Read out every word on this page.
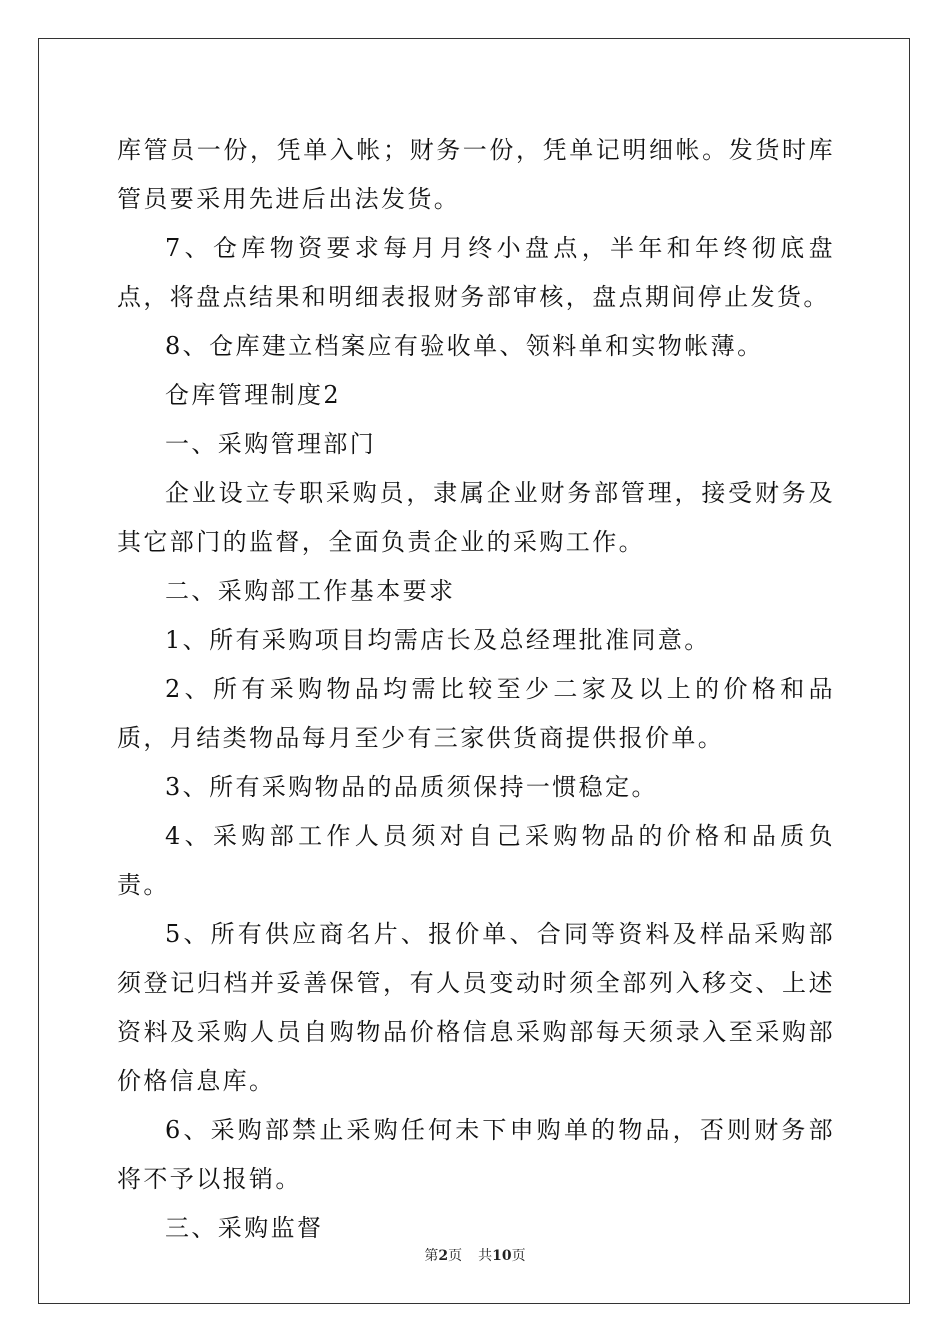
库管员一份，凭单入帐；财务一份，凭单记明细帐。发货时库管员要采用先进后出法发货。

7、仓库物资要求每月月终小盘点，半年和年终彻底盘点，将盘点结果和明细表报财务部审核，盘点期间停止发货。

8、仓库建立档案应有验收单、领料单和实物帐薄。

仓库管理制度2

一、采购管理部门

企业设立专职采购员，隶属企业财务部管理，接受财务及其它部门的监督，全面负责企业的采购工作。

二、采购部工作基本要求

1、所有采购项目均需店长及总经理批准同意。

2、所有采购物品均需比较至少二家及以上的价格和品质，月结类物品每月至少有三家供货商提供报价单。

3、所有采购物品的品质须保持一惯稳定。

4、采购部工作人员须对自己采购物品的价格和品质负责。

5、所有供应商名片、报价单、合同等资料及样品采购部须登记归档并妥善保管，有人员变动时须全部列入移交、上述资料及采购人员自购物品价格信息采购部每天须录入至采购部价格信息库。

6、采购部禁止采购任何未下申购单的物品，否则财务部将不予以报销。

三、采购监督

第2页 共10页
